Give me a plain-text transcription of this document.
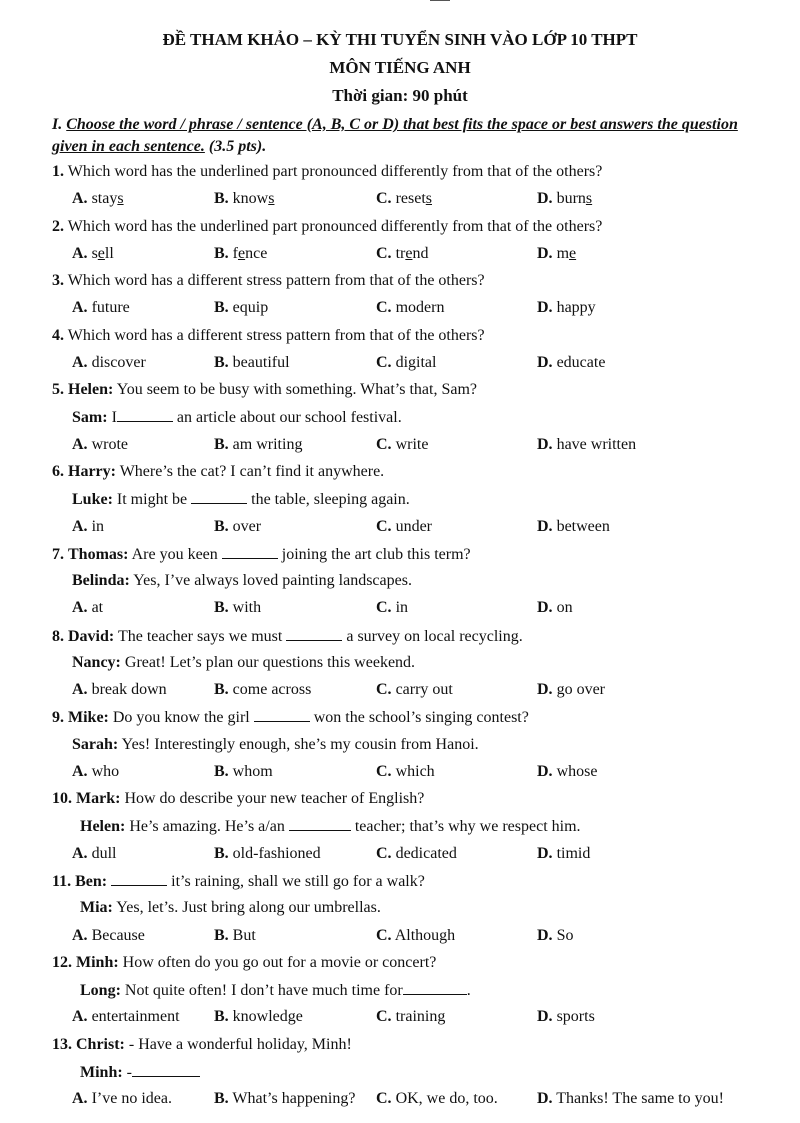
ĐỀ THAM KHẢO – KỲ THI TUYỂN SINH VÀO LỚP 10 THPT
MÔN TIẾNG ANH
Thời gian: 90 phút
I. Choose the word / phrase / sentence (A, B, C or D) that best fits the space or best answers the question given in each sentence. (3.5 pts).
1. Which word has the underlined part pronounced differently from that of the others?
A. stays	B. knows	C. resets	D. burns
2. Which word has the underlined part pronounced differently from that of the others?
A. sell	B. fence	C. trend	D. me
3. Which word has a different stress pattern from that of the others?
A. future	B. equip	C. modern	D. happy
4. Which word has a different stress pattern from that of the others?
A. discover	B. beautiful	C. digital	D. educate
5. Helen: You seem to be busy with something. What’s that, Sam?
Sam: I	an article about our school festival.
A. wrote	B. am writing	C. write	D. have written
6. Harry: Where’s the cat? I can’t find it anywhere.
Luke: It might be	the table, sleeping again.
A. in	B. over	C. under	D. between
7. Thomas: Are you keen	joining the art club this term?
Belinda: Yes, I’ve always loved painting landscapes.
A. at	B. with	C. in	D. on
8. David: The teacher says we must	a survey on local recycling.
Nancy: Great! Let’s plan our questions this weekend.
A. break down	B. come across	C. carry out	D. go over
9. Mike: Do you know the girl	won the school’s singing contest?
Sarah: Yes! Interestingly enough, she’s my cousin from Hanoi.
A. who	B. whom	C. which	D. whose
10. Mark: How do describe your new teacher of English?
Helen: He’s amazing. He’s a/an	teacher; that’s why we respect him.
A. dull	B. old-fashioned	C. dedicated	D. timid
11. Ben:	it’s raining, shall we still go for a walk?
Mia: Yes, let’s. Just bring along our umbrellas.
A. Because	B. But	C. Although	D. So
12. Minh: How often do you go out for a movie or concert?
Long: Not quite often! I don’t have much time for	.
A. entertainment B. knowledge	C. training	D. sports
13. Christ: - Have a wonderful holiday, Minh!
Minh: -
A. I’ve no idea.	B. What’s happening? C. OK, we do, too. D. Thanks! The same to you!
